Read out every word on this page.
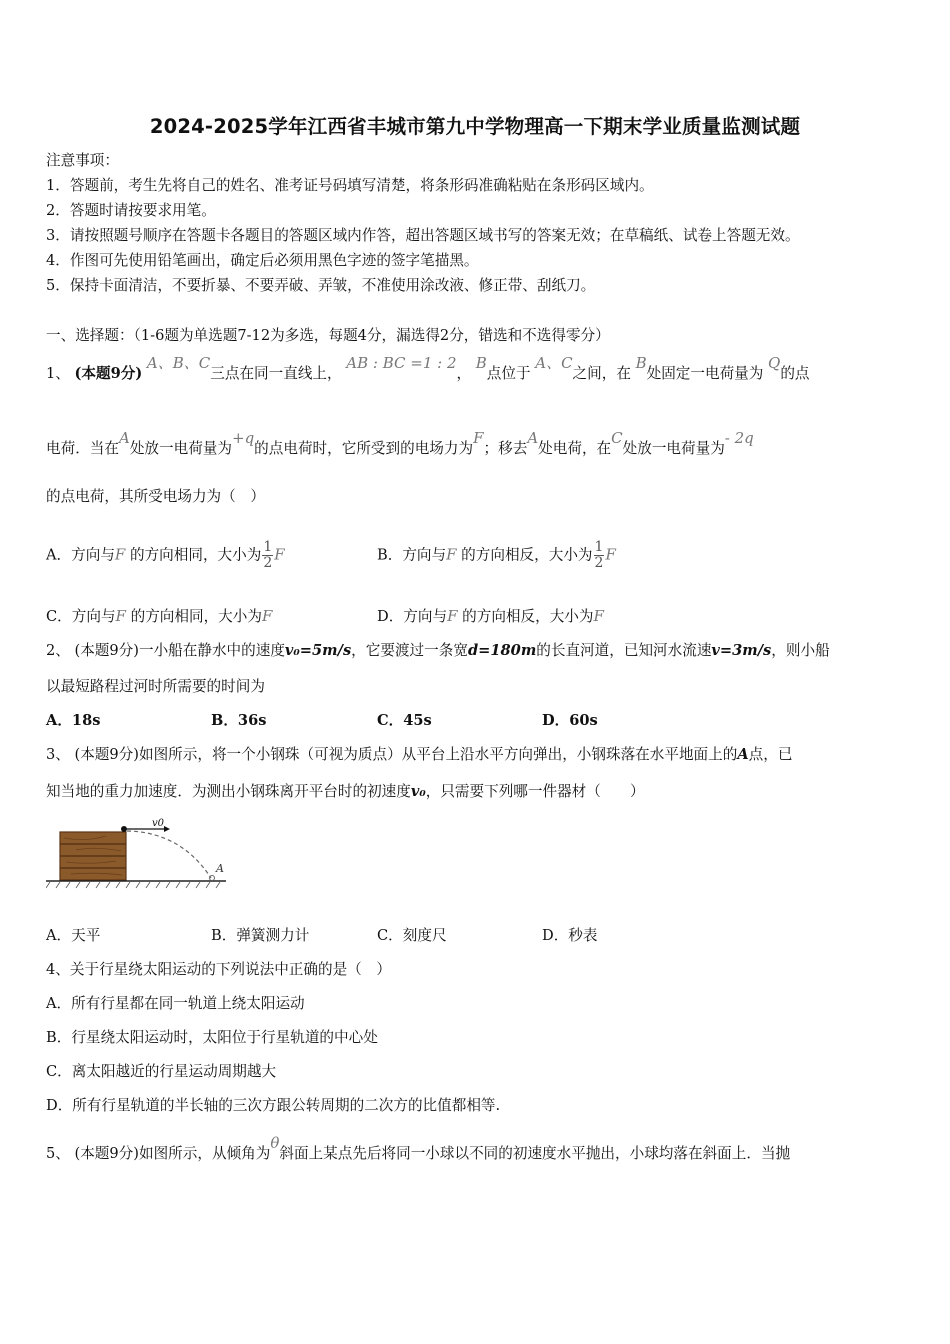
2024-2025学年江西省丰城市第九中学物理高一下期末学业质量监测试题
注意事项：
1．答题前，考生先将自己的姓名、准考证号码填写清楚，将条形码准确粘贴在条形码区域内。
2．答题时请按要求用笔。
3．请按照题号顺序在答题卡各题目的答题区域内作答，超出答题区域书写的答案无效；在草稿纸、试卷上答题无效。
4．作图可先使用铅笔画出，确定后必须用黑色字迹的签字笔描黑。
5．保持卡面清洁，不要折暴、不要弄破、弄皱，不准使用涂改液、修正带、刮纸刀。
一、选择题：（1-6题为单选题7-12为多选，每题4分，漏选得2分，错选和不选得零分）
1、 (本题9分) A、B、C三点在同一直线上， AB : BC =1 : 2， B点位于 A、C之间，在 B处固定一电荷量为 Q的点
电荷．当在A处放一电荷量为+q的点电荷时，它所受到的电场力为F；移去A处电荷，在C处放一电荷量为- 2q
的点电荷，其所受电场力为（　）
A．方向与F 的方向相同，大小为 $\frac{1}{2}$ F	B．方向与F 的方向相反，大小为 $\frac{1}{2}$ F
C．方向与F 的方向相同，大小为F	D．方向与F 的方向相反，大小为F
2、 (本题9分)一小船在静水中的速度v₀=5m/s，它要渡过一条宽d=180m的长直河道，已知河水流速v=3m/s，则小船
以最短路程过河时所需要的时间为
A．18s	B．36s	C．45s	D．60s
3、 (本题9分)如图所示，将一个小钢珠（可视为质点）从平台上沿水平方向弹出，小钢珠落在水平地面上的A点，已
知当地的重力加速度．为测出小钢珠离开平台时的初速度v₀，只需要下列哪一件器材（　　）
v0
A
A．天平	B．弹簧测力计	C．刻度尺	D．秒表
4、关于行星绕太阳运动的下列说法中正确的是（　）
A．所有行星都在同一轨道上绕太阳运动
B．行星绕太阳运动时，太阳位于行星轨道的中心处
C．离太阳越近的行星运动周期越大
D．所有行星轨道的半长轴的三次方跟公转周期的二次方的比值都相等.
5、 (本题9分)如图所示，从倾角为θ斜面上某点先后将同一小球以不同的初速度水平抛出，小球均落在斜面上．当抛
